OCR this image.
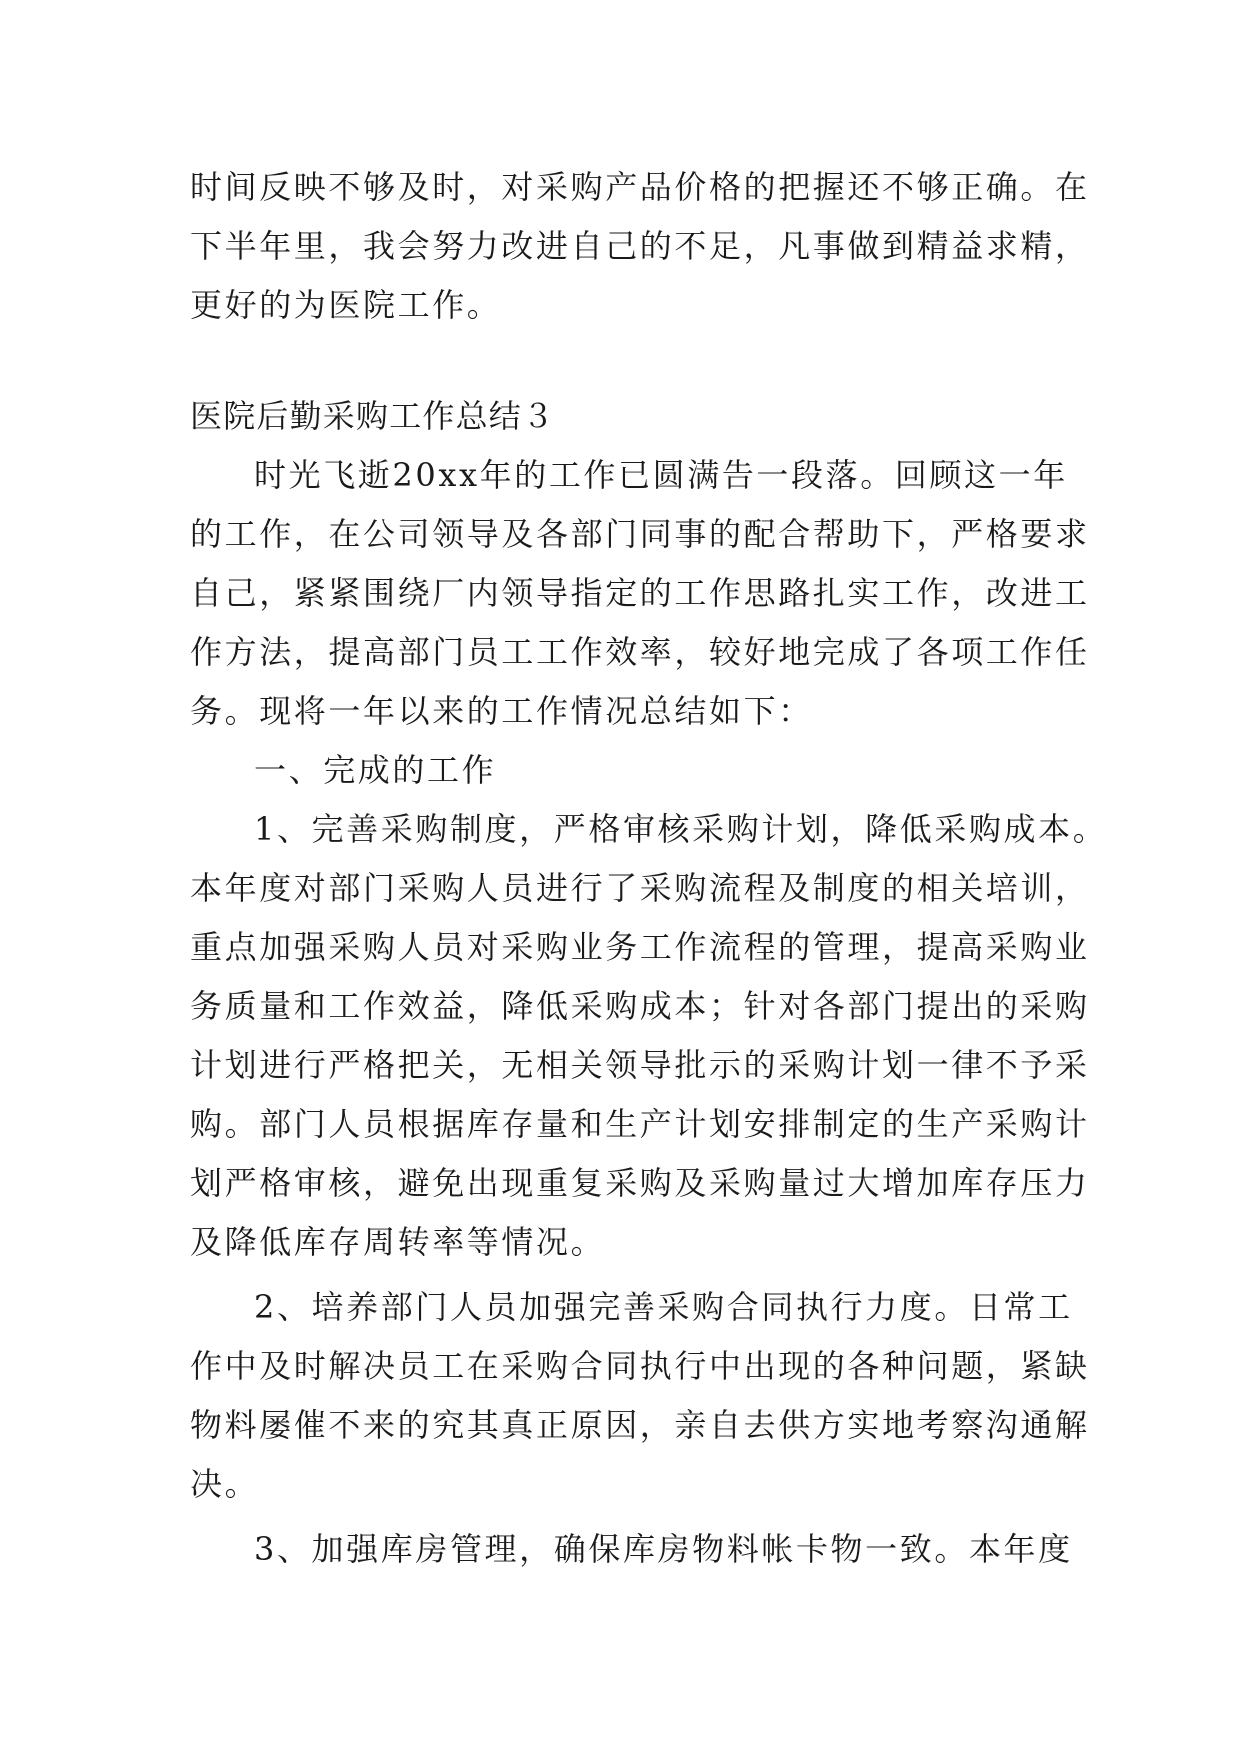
时间反映不够及时，对采购产品价格的把握还不够正确。在
下半年里，我会努力改进自己的不足，凡事做到精益求精，
更好的为医院工作。
医院后勤采购工作总结３
时光飞逝20xx年的工作已圆满告一段落。回顾这一年
的工作，在公司领导及各部门同事的配合帮助下，严格要求
自己，紧紧围绕厂内领导指定的工作思路扎实工作，改进工
作方法，提高部门员工工作效率，较好地完成了各项工作任
务。现将一年以来的工作情况总结如下：
一、完成的工作
1、完善采购制度，严格审核采购计划，降低采购成本。
本年度对部门采购人员进行了采购流程及制度的相关培训，
重点加强采购人员对采购业务工作流程的管理，提高采购业
务质量和工作效益，降低采购成本；针对各部门提出的采购
计划进行严格把关，无相关领导批示的采购计划一律不予采
购。部门人员根据库存量和生产计划安排制定的生产采购计
划严格审核，避免出现重复采购及采购量过大增加库存压力
及降低库存周转率等情况。
2、培养部门人员加强完善采购合同执行力度。日常工
作中及时解决员工在采购合同执行中出现的各种问题，紧缺
物料屡催不来的究其真正原因，亲自去供方实地考察沟通解
决。
3、加强库房管理，确保库房物料帐卡物一致。本年度
